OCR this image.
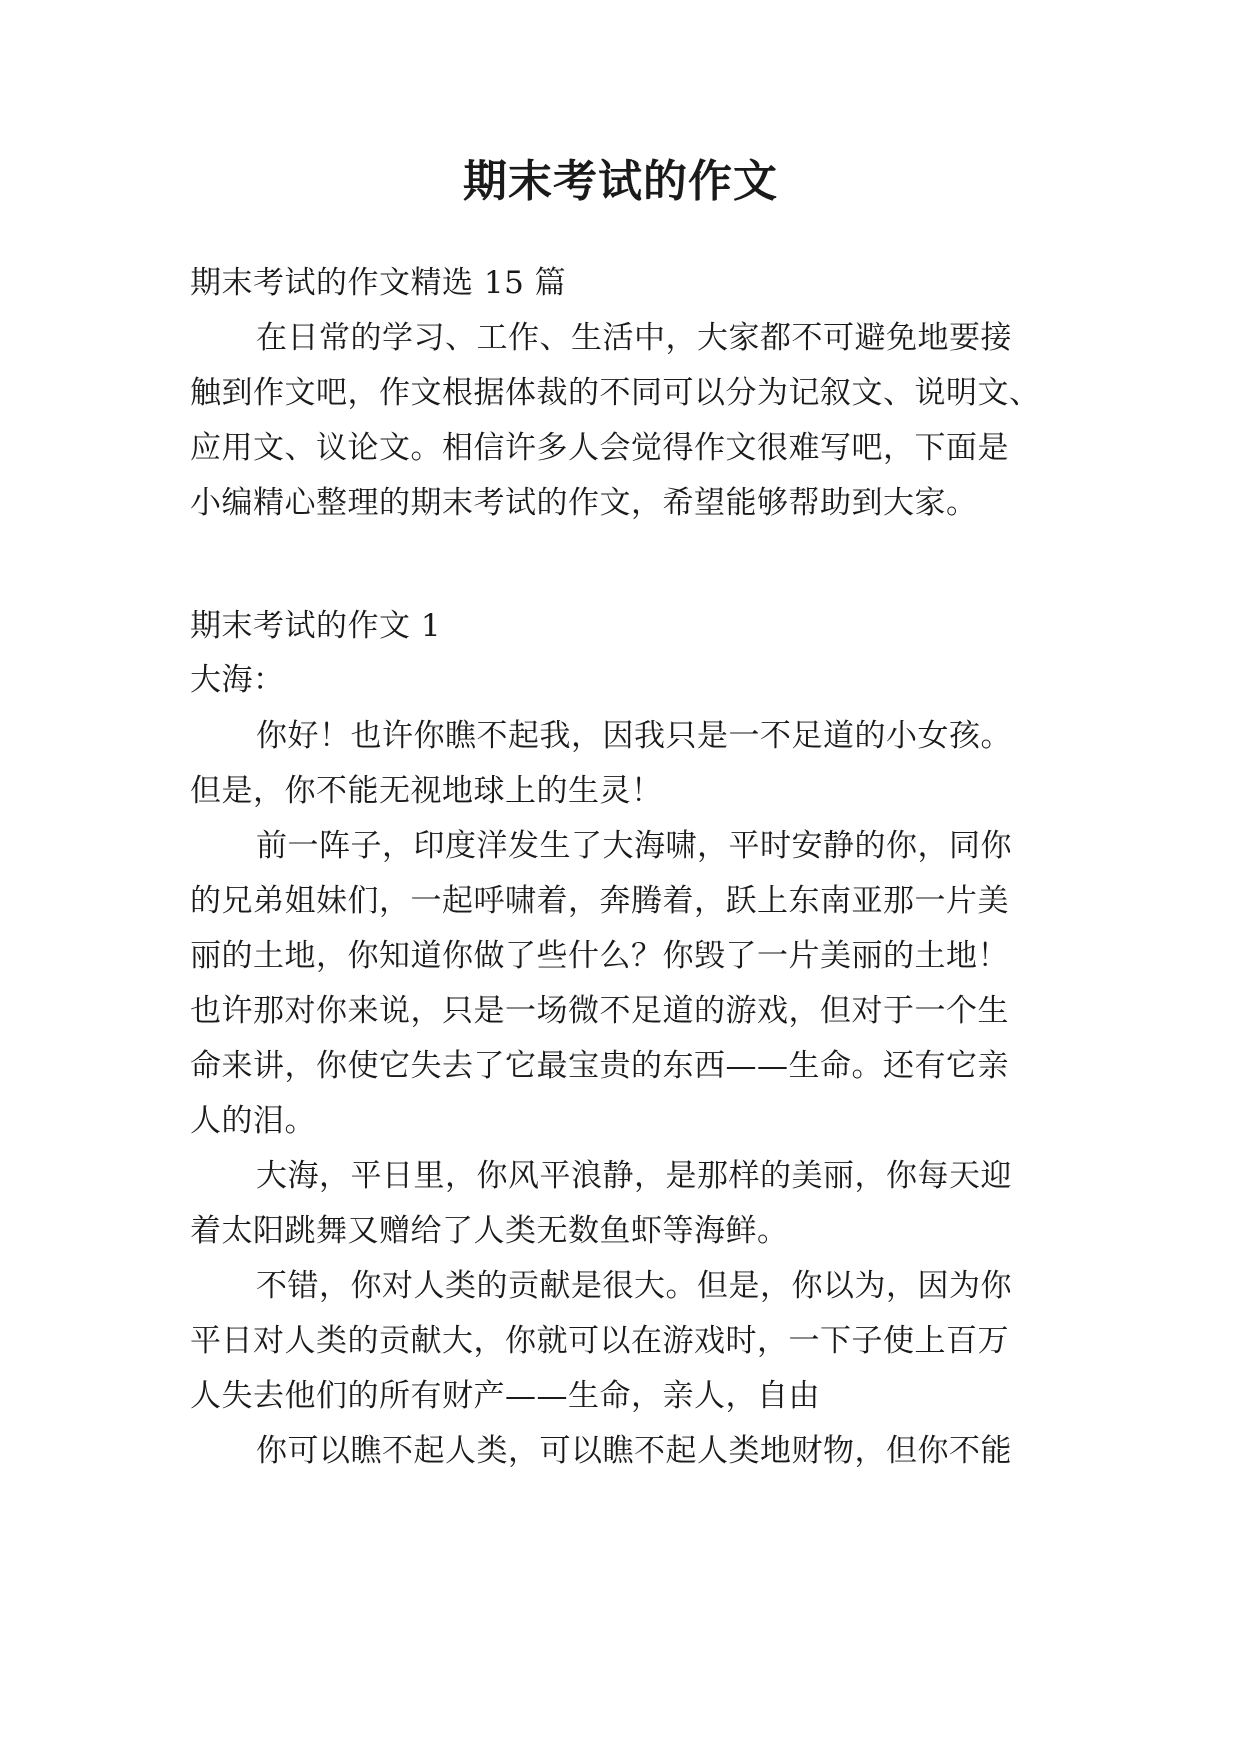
期末考试的作文
期末考试的作文精选 15 篇
在日常的学习、工作、生活中，大家都不可避免地要接
触到作文吧，作文根据体裁的不同可以分为记叙文、说明文、
应用文、议论文。相信许多人会觉得作文很难写吧，下面是
小编精心整理的期末考试的作文，希望能够帮助到大家。
期末考试的作文 1
大海：
你好！也许你瞧不起我，因我只是一不足道的小女孩。
但是，你不能无视地球上的生灵！
前一阵子，印度洋发生了大海啸，平时安静的你，同你
的兄弟姐妹们，一起呼啸着，奔腾着，跃上东南亚那一片美
丽的土地，你知道你做了些什么？你毁了一片美丽的土地！
也许那对你来说，只是一场微不足道的游戏，但对于一个生
命来讲，你使它失去了它最宝贵的东西——生命。还有它亲
人的泪。
大海，平日里，你风平浪静，是那样的美丽，你每天迎
着太阳跳舞又赠给了人类无数鱼虾等海鲜。
不错，你对人类的贡献是很大。但是，你以为，因为你
平日对人类的贡献大，你就可以在游戏时，一下子使上百万
人失去他们的所有财产——生命，亲人，自由
你可以瞧不起人类，可以瞧不起人类地财物，但你不能
